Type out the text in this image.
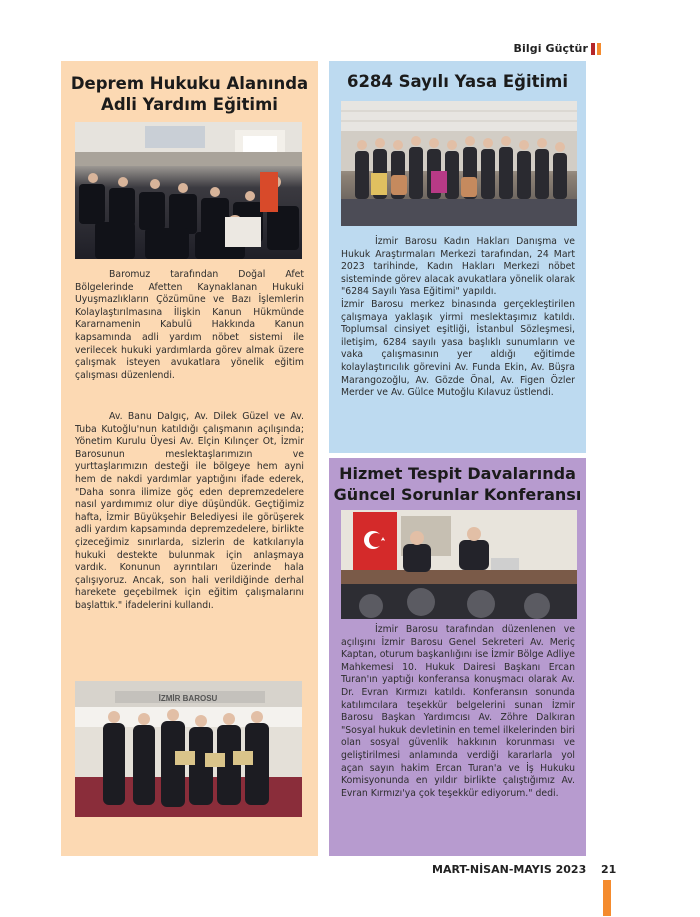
Bilgi Güçtür
Deprem Hukuku Alanında
Adli Yardım Eğitimi

Baromuz tarafından Doğal Afet Bölgelerinde Afetten Kaynaklanan Hukuki Uyuşmazlıkların Çözümüne ve Bazı İşlemlerin Kolaylaştırılmasına İlişkin Kanun Hükmünde Kararnamenin Kabulü Hakkında Kanun kapsamında adli yardım nöbet sistemi ile verilecek hukuki yardımlarda görev almak üzere çalışmak isteyen avukatlara yönelik eğitim çalışması düzenlendi.

Av. Banu Dalgıç, Av. Dilek Güzel ve Av. Tuba Kutoğlu'nun katıldığı çalışmanın açılışında; Yönetim Kurulu Üyesi Av. Elçin Kılınçer Ot, İzmir Barosunun meslektaşlarımızın ve yurttaşlarımızın desteği ile bölgeye hem ayni hem de nakdi yardımlar yaptığını ifade ederek, "Daha sonra ilimize göç eden depremzedelere nasıl yardımımız olur diye düşündük. Geçtiğimiz hafta, İzmir Büyükşehir Belediyesi ile görüşerek adli yardım kapsamında depremzedelere, birlikte çizeceğimiz sınırlarda, sizlerin de katkılarıyla hukuki destekte bulunmak için anlaşmaya vardık. Konunun ayrıntıları üzerinde hala çalışıyoruz. Ancak, son hali verildiğinde derhal harekete geçebilmek için eğitim çalışmalarını başlattık." ifadelerini kullandı.

İZMİR BAROSU
6284 Sayılı Yasa Eğitimi

İzmir Barosu Kadın Hakları Danışma ve Hukuk Araştırmaları Merkezi tarafından, 24 Mart 2023 tarihinde, Kadın Hakları Merkezi nöbet sisteminde görev alacak avukatlara yönelik olarak "6284 Sayılı Yasa Eğitimi" yapıldı.

İzmir Barosu merkez binasında gerçekleştirilen çalışmaya yaklaşık yirmi meslektaşımız katıldı. Toplumsal cinsiyet eşitliği, İstanbul Sözleşmesi, iletişim, 6284 sayılı yasa başlıklı sunumların ve vaka çalışmasının yer aldığı eğitimde kolaylaştırıcılık görevini Av. Funda Ekin, Av. Büşra Marangozoğlu, Av. Gözde Önal, Av. Figen Özler Merder ve Av. Gülce Mutoğlu Kılavuz üstlendi.

Hizmet Tespit Davalarında
Güncel Sorunlar Konferansı

İzmir Barosu tarafından düzenlenen ve açılışını İzmir Barosu Genel Sekreteri Av. Meriç Kaptan, oturum başkanlığını ise İzmir Bölge Adliye Mahkemesi 10. Hukuk Dairesi Başkanı Ercan Turan'ın yaptığı konferansa konuşmacı olarak Av. Dr. Evran Kırmızı katıldı. Konferansın sonunda katılımcılara teşekkür belgelerini sunan İzmir Barosu Başkan Yardımcısı Av. Zöhre Dalkıran "Sosyal hukuk devletinin en temel ilkelerinden biri olan sosyal güvenlik hakkının korunması ve geliştirilmesi anlamında verdiği kararlarla yol açan sayın hakim Ercan Turan'a ve İş Hukuku Komisyonunda en yıldır birlikte çalıştığımız Av. Evran Kırmızı'ya çok teşekkür ediyorum." dedi.

MART-NİSAN-MAYIS 2023 21
